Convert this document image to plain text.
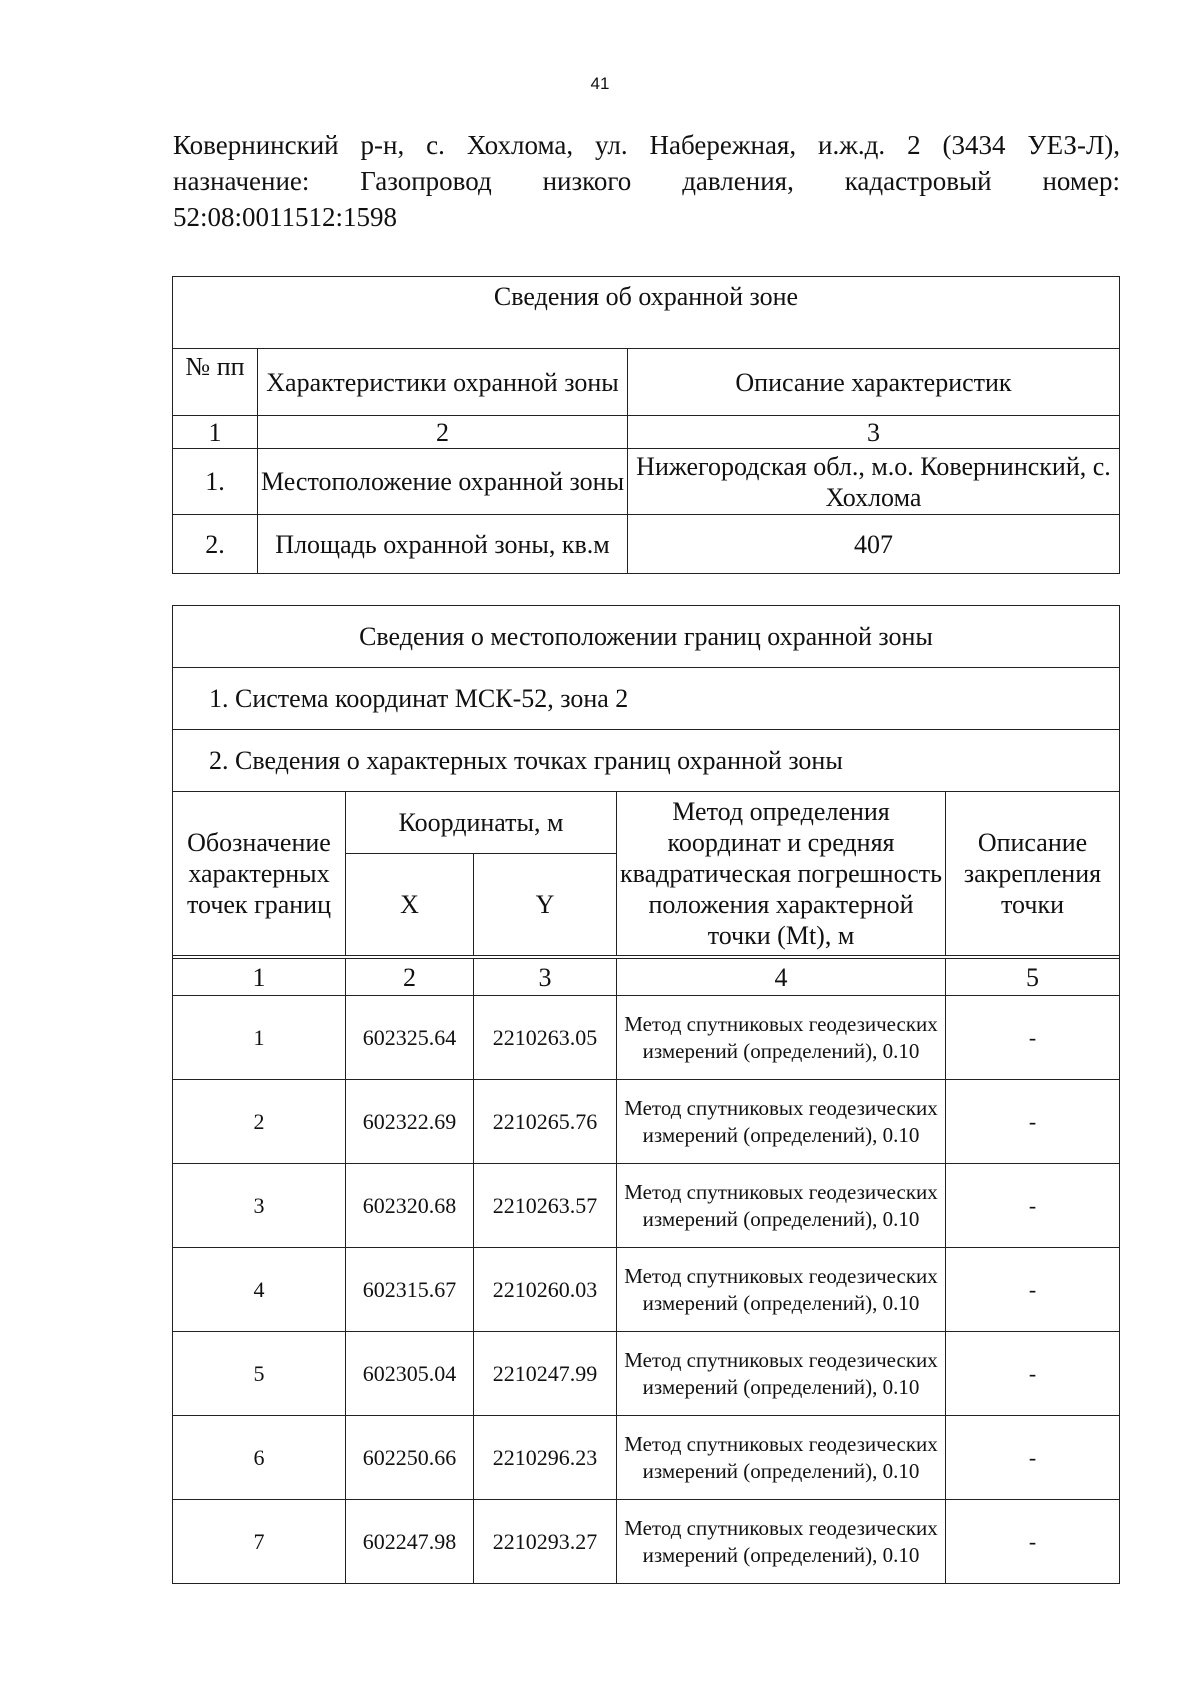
41
Ковернинский р-н, с. Хохлома, ул. Набережная, и.ж.д. 2 (3434 УЕЗ-Л),
назначение: Газопровод низкого давления, кадастровый номер:
52:08:0011512:1598
Сведения об охранной зоне		
№ пп	Характеристики охранной зоны	Описание характеристик
1	2	3
1.	Местоположение охранной зоны	Нижегородская обл., м.о. Ковернинский, с. Хохлома
2.	Площадь охранной зоны, кв.м	407
Сведения о местоположении границ охранной зоны				
1. Система координат МСК-52, зона 2				
2. Сведения о характерных точках границ охранной зоны				
Обозначение характерных точек границ	Координаты, м		Метод определения координат и средняя квадратическая погрешность положения характерной точки (Mt), м	Описание закрепления точки
	X	Y		

1	2	3	4	5
1	602325.64	2210263.05	Метод спутниковых геодезических измерений (определений), 0.10	-
2	602322.69	2210265.76	Метод спутниковых геодезических измерений (определений), 0.10	-
3	602320.68	2210263.57	Метод спутниковых геодезических измерений (определений), 0.10	-
4	602315.67	2210260.03	Метод спутниковых геодезических измерений (определений), 0.10	-
5	602305.04	2210247.99	Метод спутниковых геодезических измерений (определений), 0.10	-
6	602250.66	2210296.23	Метод спутниковых геодезических измерений (определений), 0.10	-
7	602247.98	2210293.27	Метод спутниковых геодезических измерений (определений), 0.10	-
